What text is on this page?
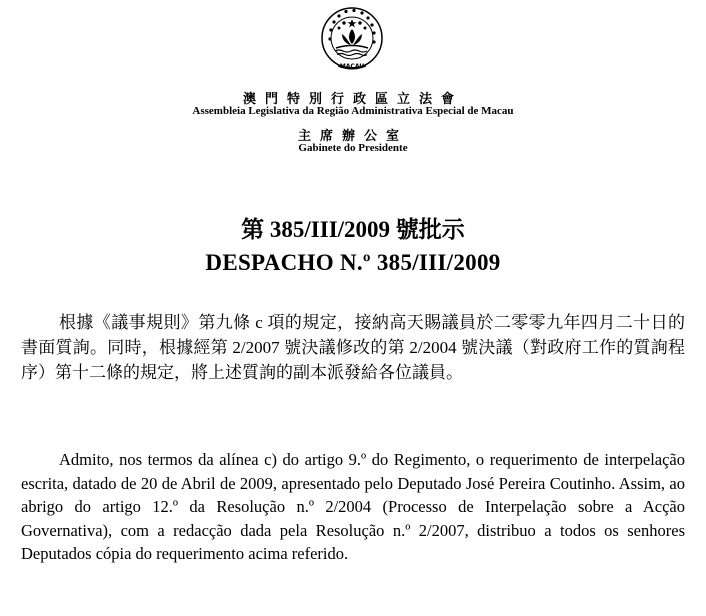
MACAU
澳門特別行政區立法會
Assembleia Legislativa da Região Administrativa Especial de Macau
主席辦公室
Gabinete do Presidente
第 385/III/2009 號批示
DESPACHO N.º 385/III/2009
根據《議事規則》第九條 c 項的規定，接納高天賜議員於二零零九年四月二十日的書面質詢。同時，根據經第 2/2007 號決議修改的第 2/2004 號決議（對政府工作的質詢程序）第十二條的規定，將上述質詢的副本派發給各位議員。
Admito, nos termos da alínea c) do artigo 9.º do Regimento, o requerimento de interpelação escrita, datado de 20 de Abril de 2009, apresentado pelo Deputado José Pereira Coutinho. Assim, ao abrigo do artigo 12.º da Resolução n.º 2/2004 (Processo de Interpelação sobre a Acção Governativa), com a redacção dada pela Resolução n.º 2/2007, distribuo a todos os senhores Deputados cópia do requerimento acima referido.
